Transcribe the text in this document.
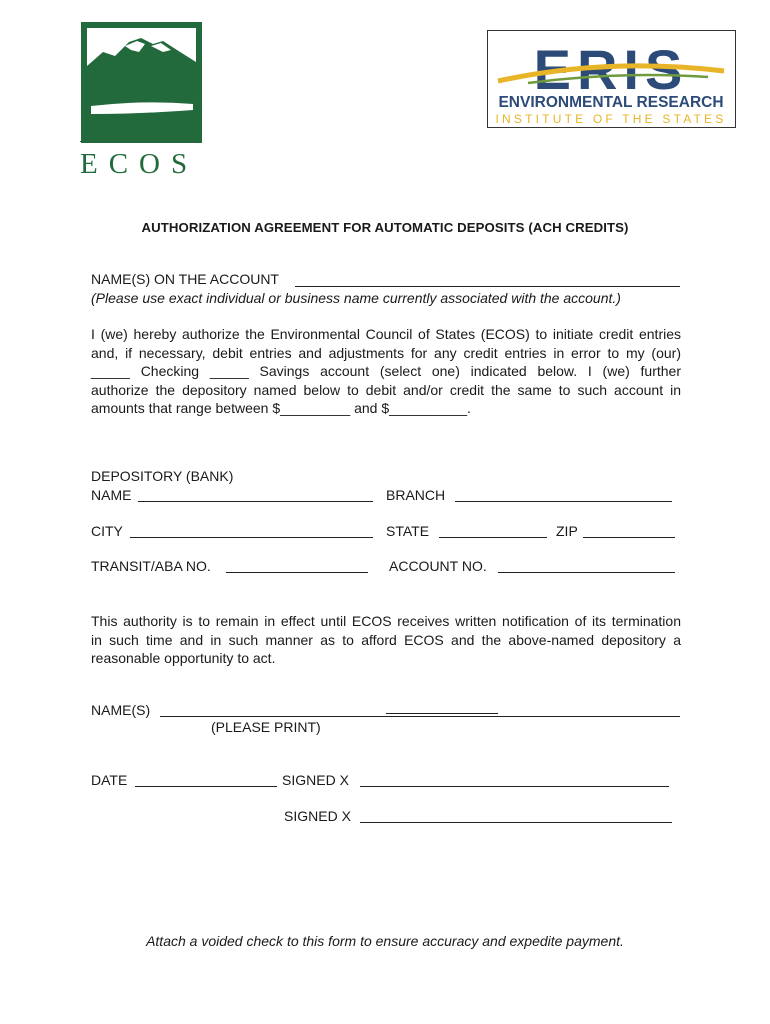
ECOS
ERIS
ENVIRONMENTAL RESEARCH
INSTITUTE OF THE STATES
AUTHORIZATION AGREEMENT FOR AUTOMATIC DEPOSITS (ACH CREDITS)
NAME(S) ON THE ACCOUNT
(Please use exact individual or business name currently associated with the account.)
I (we) hereby authorize the Environmental Council of States (ECOS) to initiate credit entries
and, if necessary, debit entries and adjustments for any credit entries in error to my (our)
_____ Checking _____ Savings account (select one) indicated below. I (we) further
authorize the depository named below to debit and/or credit the same to such account in
amounts that range between $_________ and $__________.
DEPOSITORY (BANK)
NAME	BRANCH
CITY	STATE	ZIP
TRANSIT/ABA NO.	ACCOUNT NO.
This authority is to remain in effect until ECOS receives written notification of its termination
in such time and in such manner as to afford ECOS and the above-named depository a
reasonable opportunity to act.
NAME(S)
(PLEASE PRINT)
DATE	SIGNED X
SIGNED X
Attach a voided check to this form to ensure accuracy and expedite payment.
